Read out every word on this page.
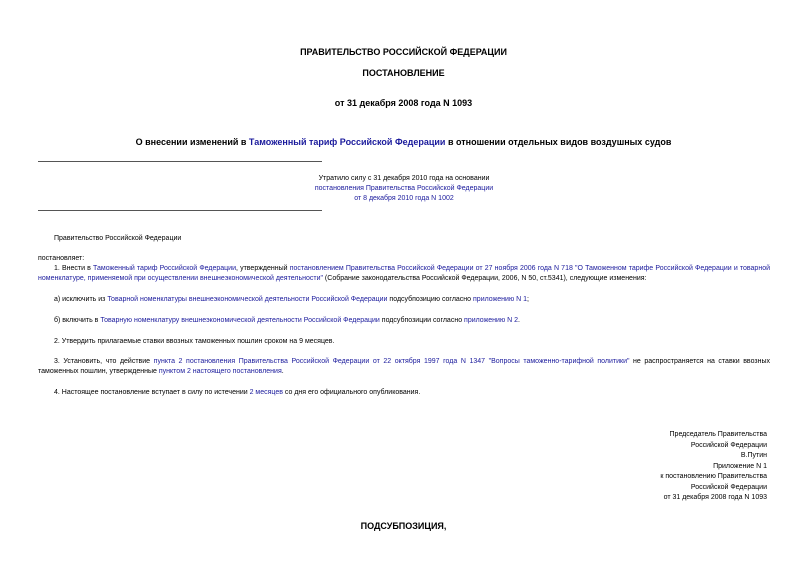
ПРАВИТЕЛЬСТВО РОССИЙСКОЙ ФЕДЕРАЦИИ
ПОСТАНОВЛЕНИЕ
от 31 декабря 2008 года N 1093
О внесении изменений в Таможенный тариф Российской Федерации в отношении отдельных видов воздушных судов
Утратило силу с 31 декабря 2010 года на основании
постановления Правительства Российской Федерации
от 8 декабря 2010 года N 1002
Правительство Российской Федерации
постановляет:
1. Внести в Таможенный тариф Российской Федерации, утвержденный постановлением Правительства Российской Федерации от 27 ноября 2006 года N 718 "О Таможенном тарифе Российской Федерации и товарной номенклатуре, применяемой при осуществлении внешнеэкономической деятельности" (Собрание законодательства Российской Федерации, 2006, N 50, ст.5341), следующие изменения:
а) исключить из Товарной номенклатуры внешнеэкономической деятельности Российской Федерации подсубпозицию согласно приложению N 1;
б) включить в Товарную номенклатуру внешнеэкономической деятельности Российской Федерации подсубпозиции согласно приложению N 2.
2. Утвердить прилагаемые ставки ввозных таможенных пошлин сроком на 9 месяцев.
3. Установить, что действие пункта 2 постановления Правительства Российской Федерации от 22 октября 1997 года N 1347 "Вопросы таможенно-тарифной политики" не распространяется на ставки ввозных таможенных пошлин, утвержденные пунктом 2 настоящего постановления.
4. Настоящее постановление вступает в силу по истечении 2 месяцев со дня его официального опубликования.
Председатель Правительства
Российской Федерации
В.Путин
Приложение N 1
к постановлению Правительства
Российской Федерации
от 31 декабря 2008 года N 1093
ПОДСУБПОЗИЦИЯ,
